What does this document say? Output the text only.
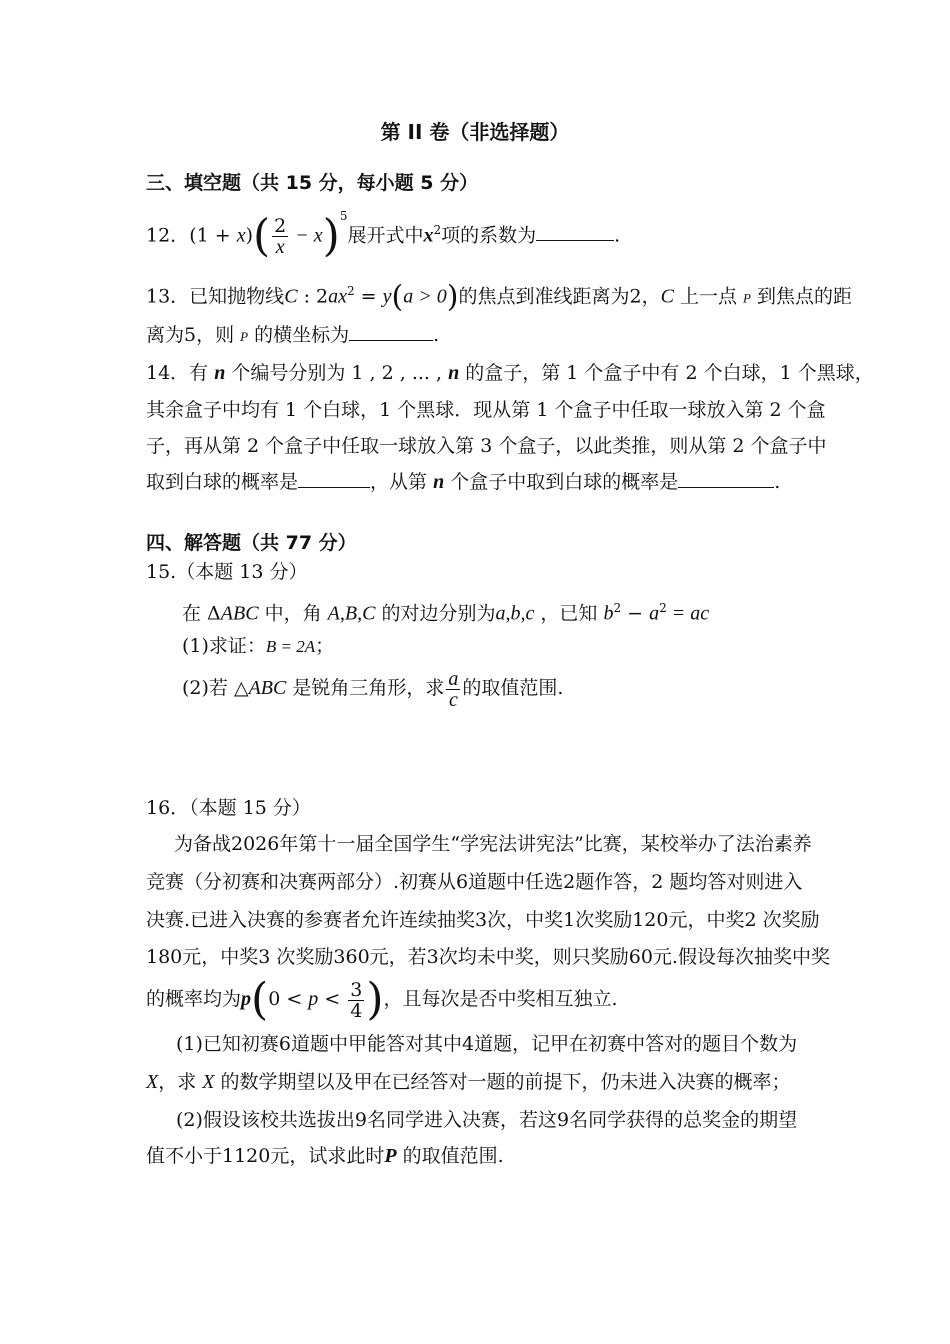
第 II 卷（非选择题）
三、填空题（共 15 分，每小题 5 分）
12．$(1 + x)( \frac{2}{x} - x)^5$展开式中$x^2$项的系数为	.
13．已知抛物线C : $2ax^2 = y(a > 0)$的焦点到准线距离为2，C 上一点 P 到焦点的距
离为5，则 P 的横坐标为	.
14．有 n 个编号分别为 1 , 2 , ... , n 的盒子，第 1 个盒子中有 2 个白球，1 个黑球，
其余盒子中均有 1 个白球，1 个黑球．现从第 1 个盒子中任取一球放入第 2 个盒
子，再从第 2 个盒子中任取一球放入第 3 个盒子，以此类推，则从第 2 个盒子中
取到白球的概率是	，从第 n 个盒子中取到白球的概率是	.
四、解答题（共 77 分）
15.（本题 13 分）
在 ΔABC 中，角 A,B,C 的对边分别为a,b,c ，已知 $b^2 - a^2$ = ac
(1)求证：B = 2A；
(2)若 △ABC 是锐角三角形，求 $\frac{a}{c}$ 的取值范围.
16．（本题 15 分）
为备战2026年第十一届全国学生“学宪法讲宪法”比赛，某校举办了法治素养
竞赛（分初赛和决赛两部分）.初赛从6道题中任选2题作答，2 题均答对则进入
决赛.已进入决赛的参赛者允许连续抽奖3次，中奖1次奖励120元，中奖2 次奖励
180元，中奖3 次奖励360元，若3次均未中奖，则只奖励60元.假设每次抽奖中奖
的概率均为$p(0 < p < \frac{3}{4}$ )，且每次是否中奖相互独立.
(1)已知初赛6道题中甲能答对其中4道题，记甲在初赛中答对的题目个数为
X，求 X 的数学期望以及甲在已经答对一题的前提下，仍未进入决赛的概率；
(2)假设该校共选拔出9名同学进入决赛，若这9名同学获得的总奖金的期望
值不小于1120元，试求此时P 的取值范围.
